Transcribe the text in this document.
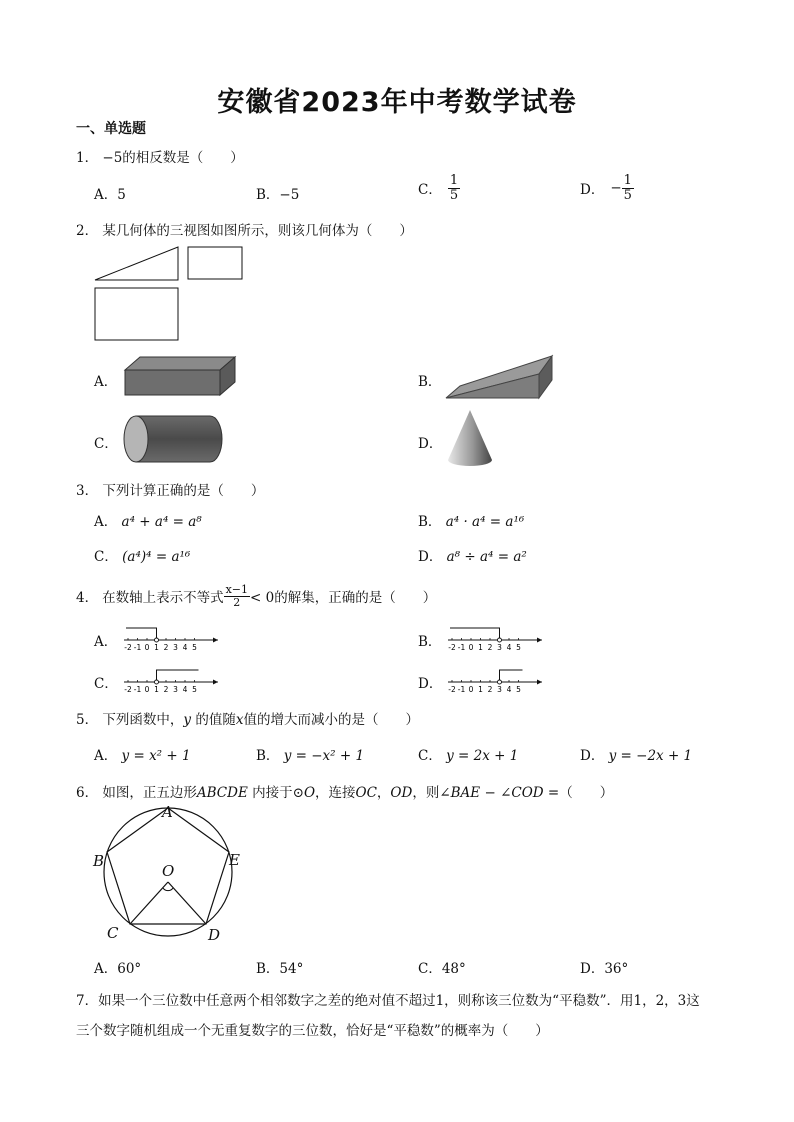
安徽省2023年中考数学试卷
一、单选题
1． −5的相反数是（　　）
A．5	B．−5	C． $\frac{1}{5}$	D． − $\frac{1}{5}$
2． 某几何体的三视图如图所示，则该几何体为（　　）
A．	B．
C．	D．
3． 下列计算正确的是（　　）
A． a⁴ + a⁴ = a⁸	B． a⁴ · a⁴ = a¹⁶
C． (a⁴)⁴ = a¹⁶	D． a⁸ ÷ a⁴ = a²
4． 在数轴上表示不等式 $\frac{x-1}{2} < 0$的解集，正确的是（　　）
A．	B．
C．	D．
-2 -1 0 1 2 3 4 5	-2 -1 0 1 2 3 4 5
-2 -1 0 1 2 3 4 5	-2 -1 0 1 2 3 4 5
5． 下列函数中，y 的值随x值的增大而减小的是（　　）
A． y = x² + 1	B． y = −x² + 1	C． y = 2x + 1	D． y = −2x + 1
6． 如图，正五边形ABCDE 内接于⊙O，连接OC，OD，则∠BAE − ∠COD =（　　）
A
B
C	D
E
O
A．60°	B．54°	C．48°	D．36°
7．如果一个三位数中任意两个相邻数字之差的绝对值不超过1，则称该三位数为“平稳数”．用1，2，3这
三个数字随机组成一个无重复数字的三位数，恰好是“平稳数”的概率为（　　）
